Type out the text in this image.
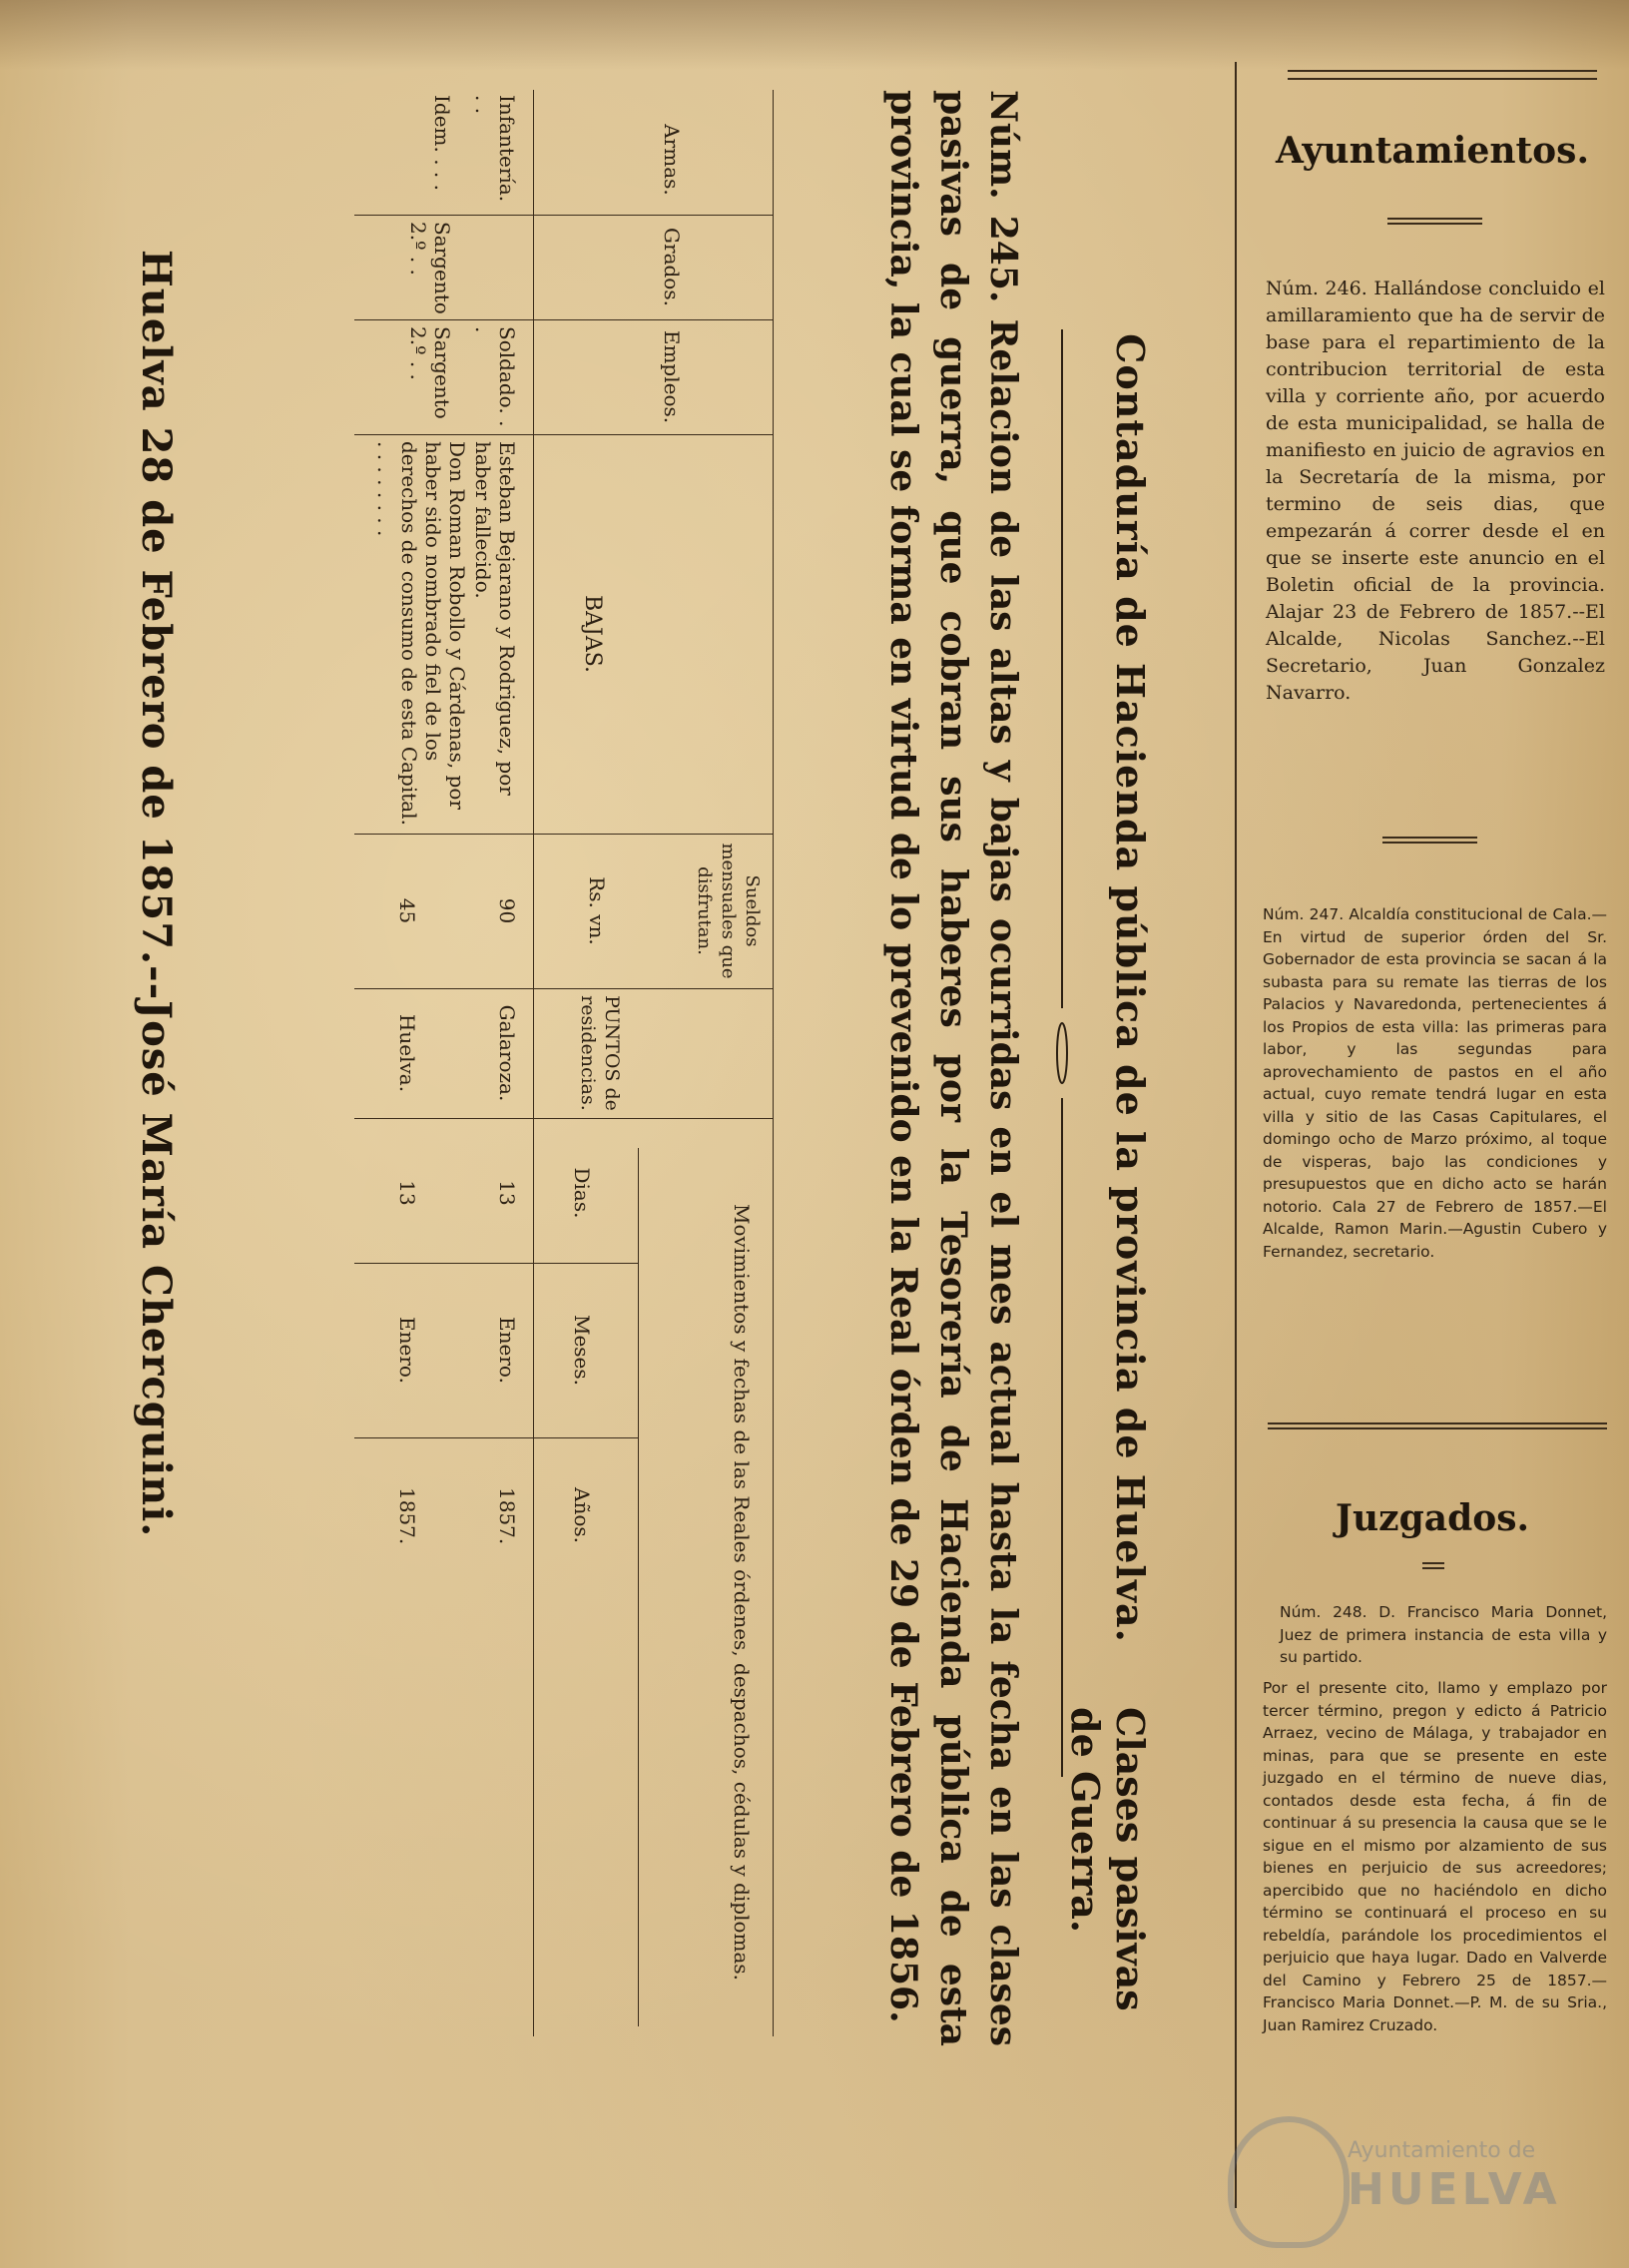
Contaduría de Hacienda pública de la provincia de Huelva.
Clases pasivas de Guerra.
Núm. 245. Relacion de las altas y bajas ocurridas en el mes actual hasta la fecha en las clases pasivas de guerra, que cobran sus haberes por la Tesorería de Hacienda pública de esta provincia, la cual se forma en virtud de lo prevenido en la Real órden de 29 de Febrero de 1856.
Armas.
Grados.
Empleos.
BAJAS.
Sueldos mensuales que disfrutan.
Rs. vn.
PUNTOS de residencias.
Movimientos y fechas de las Reales órdenes, despachos, cédulas y diplomas.
Dias.
Meses.
Años.
Infantería. . .
Soldado. . .
Esteban Bejarano y Rodriguez, por haber fallecido.
90
Galaroza.
13
Enero.
1857.
Idem. . . .
Sargento 2.º . .
Sargento 2.º . .
Don Roman Robollo y Cárdenas, por haber sido nombrado fiel de los derechos de consumo de esta Capital. . . . . . . . .
45
Huelva.
13
Enero.
1857.
Huelva 28 de Febrero de 1857.--José María Chercguini.
Ayuntamientos.
Núm. 246. Hallándose concluido el amillaramiento que ha de servir de base para el repartimiento de la contribucion territorial de esta villa y corriente año, por acuerdo de esta municipalidad, se halla de manifiesto en juicio de agravios en la Secretaría de la misma, por termino de seis dias, que empezarán á correr desde el en que se inserte este anuncio en el Boletin oficial de la provincia. Alajar 23 de Febrero de 1857.--El Alcalde, Nicolas Sanchez.--El Secretario, Juan Gonzalez Navarro.
Núm. 247. Alcaldía constitucional de Cala.—En virtud de superior órden del Sr. Gobernador de esta provincia se sacan á la subasta para su remate las tierras de los Palacios y Navaredonda, pertenecientes á los Propios de esta villa: las primeras para labor, y las segundas para aprovechamiento de pastos en el año actual, cuyo remate tendrá lugar en esta villa y sitio de las Casas Capitulares, el domingo ocho de Marzo próximo, al toque de visperas, bajo las condiciones y presupuestos que en dicho acto se harán notorio. Cala 27 de Febrero de 1857.—El Alcalde, Ramon Marin.—Agustin Cubero y Fernandez, secretario.
Juzgados.
Núm. 248. D. Francisco Maria Donnet, Juez de primera instancia de esta villa y su partido.
Por el presente cito, llamo y emplazo por tercer término, pregon y edicto á Patricio Arraez, vecino de Málaga, y trabajador en minas, para que se presente en este juzgado en el término de nueve dias, contados desde esta fecha, á fin de continuar á su presencia la causa que se le sigue en el mismo por alzamiento de sus bienes en perjuicio de sus acreedores; apercibido que no haciéndolo en dicho término se continuará el proceso en su rebeldía, parándole los procedimientos el perjuicio que haya lugar. Dado en Valverde del Camino y Febrero 25 de 1857.—Francisco Maria Donnet.—P. M. de su Sria., Juan Ramirez Cruzado.
Ayuntamiento de
HUELVA
